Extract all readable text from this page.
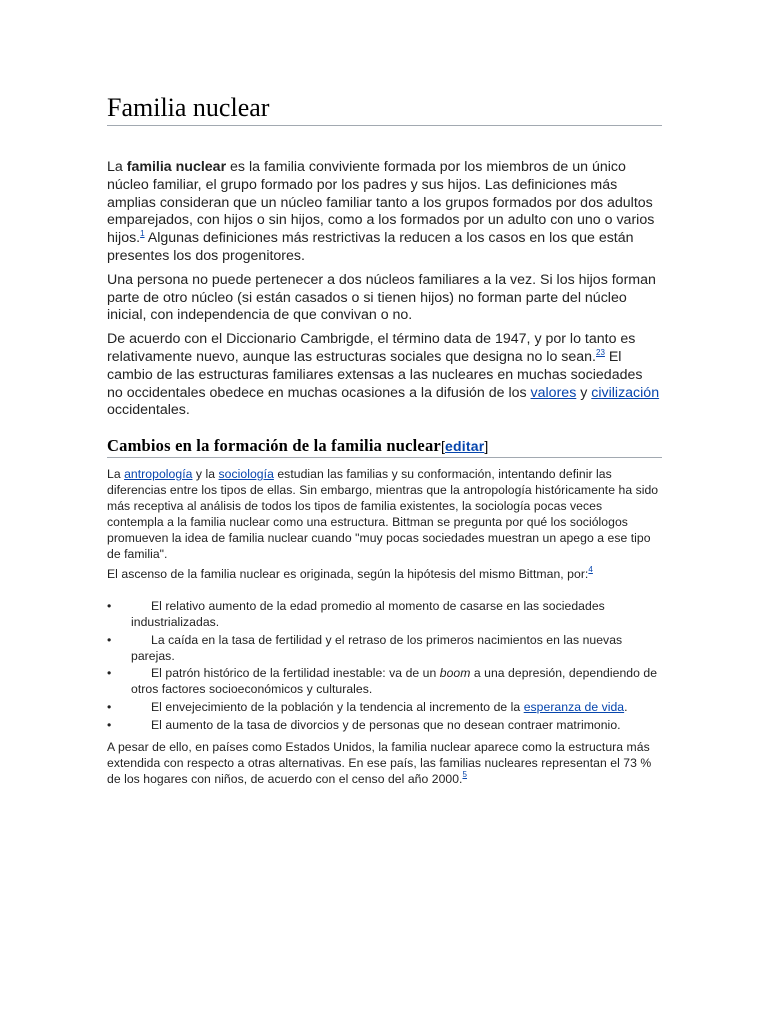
Familia nuclear

La familia nuclear es la familia conviviente formada por los miembros de un único núcleo familiar, el grupo formado por los padres y sus hijos. Las definiciones más amplias consideran que un núcleo familiar tanto a los grupos formados por dos adultos emparejados, con hijos o sin hijos, como a los formados por un adulto con uno o varios hijos.$^1$ Algunas definiciones más restrictivas la reducen a los casos en los que están presentes los dos progenitores.

Una persona no puede pertenecer a dos núcleos familiares a la vez. Si los hijos forman parte de otro núcleo (si están casados o si tienen hijos) no forman parte del núcleo inicial, con independencia de que convivan o no.

De acuerdo con el Diccionario Cambrigde, el término data de 1947, y por lo tanto es relativamente nuevo, aunque las estructuras sociales que designa no lo sean.$^{23}$ El cambio de las estructuras familiares extensas a las nucleares en muchas sociedades no occidentales obedece en muchas ocasiones a la difusión de los valores y civilización occidentales.

Cambios en la formación de la familia nuclear[editar]

La antropología y la sociología estudian las familias y su conformación, intentando definir las diferencias entre los tipos de ellas. Sin embargo, mientras que la antropología históricamente ha sido más receptiva al análisis de todos los tipos de familia existentes, la sociología pocas veces contempla a la familia nuclear como una estructura. Bittman se pregunta por qué los sociólogos promueven la idea de familia nuclear cuando "muy pocas sociedades muestran un apego a ese tipo de familia".

El ascenso de la familia nuclear es originada, según la hipótesis del mismo Bittman, por:$^4$

•	El relativo aumento de la edad promedio al momento de casarse en las sociedades industrializadas.
•	La caída en la tasa de fertilidad y el retraso de los primeros nacimientos en las nuevas parejas.
•	El patrón histórico de la fertilidad inestable: va de un boom a una depresión, dependiendo de otros factores socioeconómicos y culturales.
•	El envejecimiento de la población y la tendencia al incremento de la esperanza de vida.
•	El aumento de la tasa de divorcios y de personas que no desean contraer matrimonio.

A pesar de ello, en países como Estados Unidos, la familia nuclear aparece como la estructura más extendida con respecto a otras alternativas. En ese país, las familias nucleares representan el 73 % de los hogares con niños, de acuerdo con el censo del año 2000.$^5$
